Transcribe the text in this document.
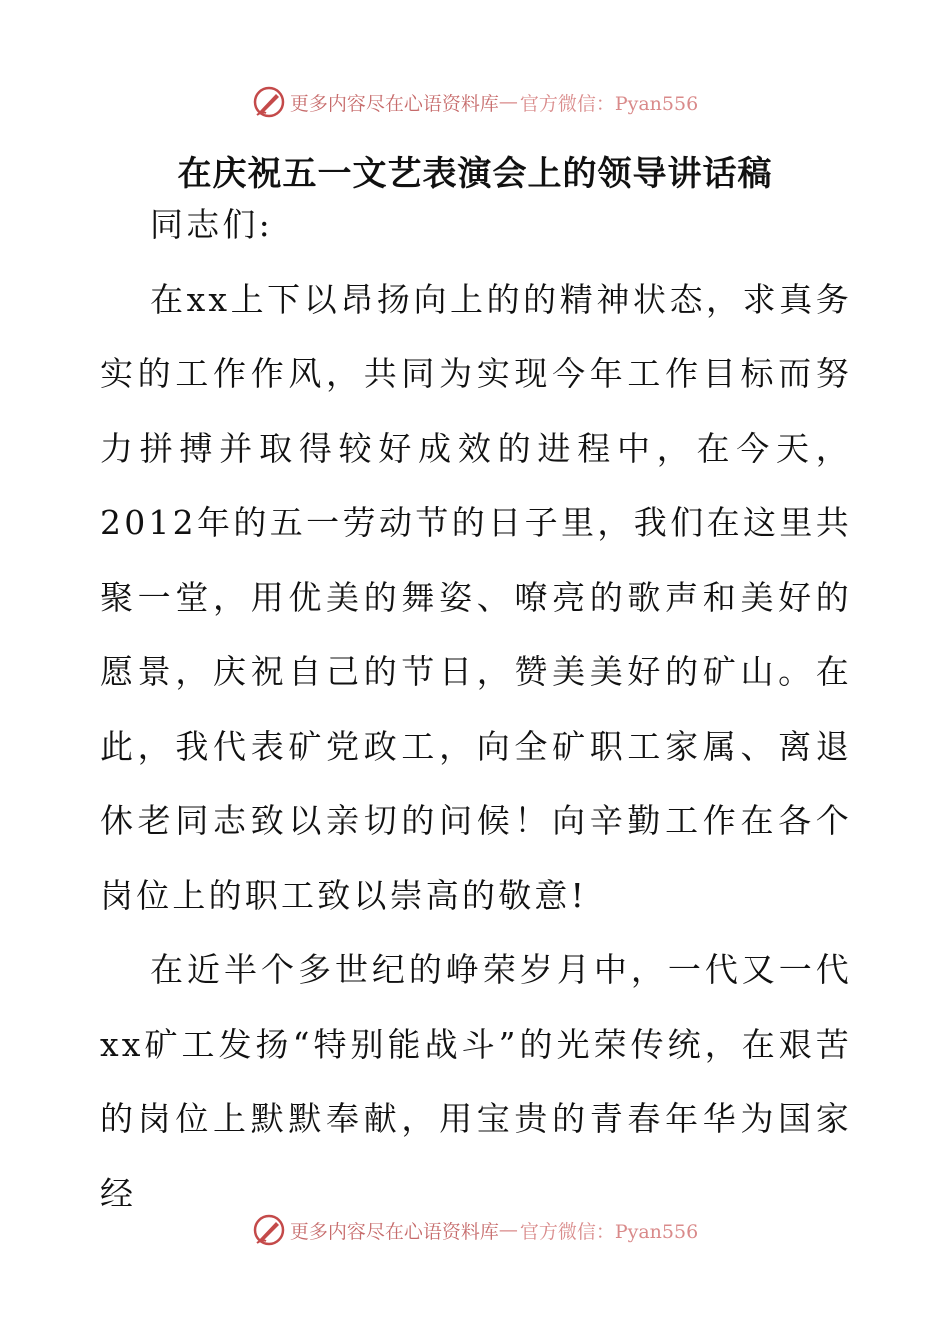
更多内容尽在心语资料库 — 官方微信：Pyan556
在庆祝五一文艺表演会上的领导讲话稿

同志们:

在xx上下以昂扬向上的的精神状态，求真务实的工作作风，共同为实现今年工作目标而努力拼搏并取得较好成效的进程中，在今天，2012年的五一劳动节的日子里，我们在这里共聚一堂，用优美的舞姿、嘹亮的歌声和美好的愿景，庆祝自己的节日，赞美美好的矿山。在此，我代表矿党政工，向全矿职工家属、离退休老同志致以亲切的问候！向辛勤工作在各个岗位上的职工致以崇高的敬意!

在近半个多世纪的峥荣岁月中，一代又一代xx矿工发扬“特别能战斗”的光荣传统，在艰苦的岗位上默默奉献，用宝贵的青春年华为国家经

更多内容尽在心语资料库 — 官方微信：Pyan556
